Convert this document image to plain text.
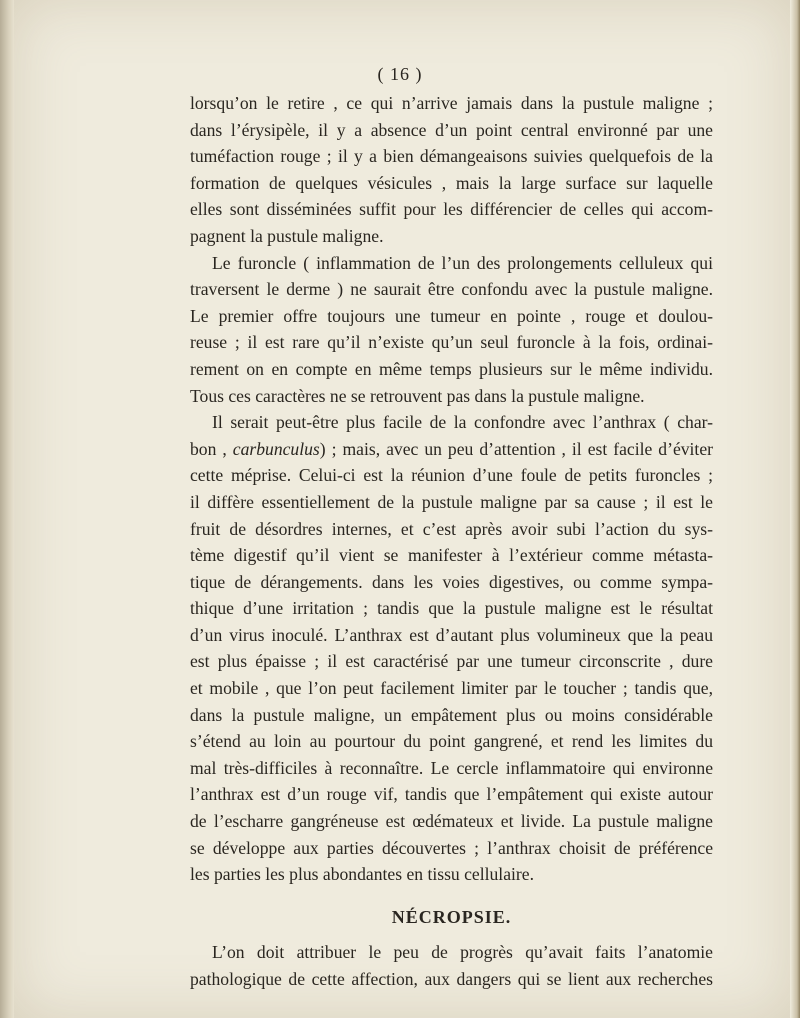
( 16 )
lorsqu’on le retire , ce qui n’arrive jamais dans la pustule maligne ;
dans l’érysipèle, il y a absence d’un point central environné par une
tuméfaction rouge ; il y a bien démangeaisons suivies quelquefois de la
formation de quelques vésicules , mais la large surface sur laquelle
elles sont disséminées suffit pour les différencier de celles qui accom-
pagnent la pustule maligne.
Le furoncle ( inflammation de l’un des prolongements celluleux qui
traversent le derme ) ne saurait être confondu avec la pustule maligne.
Le premier offre toujours une tumeur en pointe , rouge et doulou-
reuse ; il est rare qu’il n’existe qu’un seul furoncle à la fois, ordinai-
rement on en compte en même temps plusieurs sur le même individu.
Tous ces caractères ne se retrouvent pas dans la pustule maligne.
Il serait peut-être plus facile de la confondre avec l’anthrax ( char-
bon , carbunculus) ; mais, avec un peu d’attention , il est facile d’éviter
cette méprise. Celui-ci est la réunion d’une foule de petits furoncles ;
il diffère essentiellement de la pustule maligne par sa cause ; il est le
fruit de désordres internes, et c’est après avoir subi l’action du sys-
tème digestif qu’il vient se manifester à l’extérieur comme métasta-
tique de dérangements. dans les voies digestives, ou comme sympa-
thique d’une irritation ; tandis que la pustule maligne est le résultat
d’un virus inoculé. L’anthrax est d’autant plus volumineux que la peau
est plus épaisse ; il est caractérisé par une tumeur circonscrite , dure
et mobile , que l’on peut facilement limiter par le toucher ; tandis que,
dans la pustule maligne, un empâtement plus ou moins considérable
s’étend au loin au pourtour du point gangrené, et rend les limites du
mal très-difficiles à reconnaître. Le cercle inflammatoire qui environne
l’anthrax est d’un rouge vif, tandis que l’empâtement qui existe autour
de l’escharre gangréneuse est œdémateux et livide. La pustule maligne
se développe aux parties découvertes ; l’anthrax choisit de préférence
les parties les plus abondantes en tissu cellulaire.
NÉCROPSIE.
L’on doit attribuer le peu de progrès qu’avait faits l’anatomie
pathologique de cette affection, aux dangers qui se lient aux recherches
